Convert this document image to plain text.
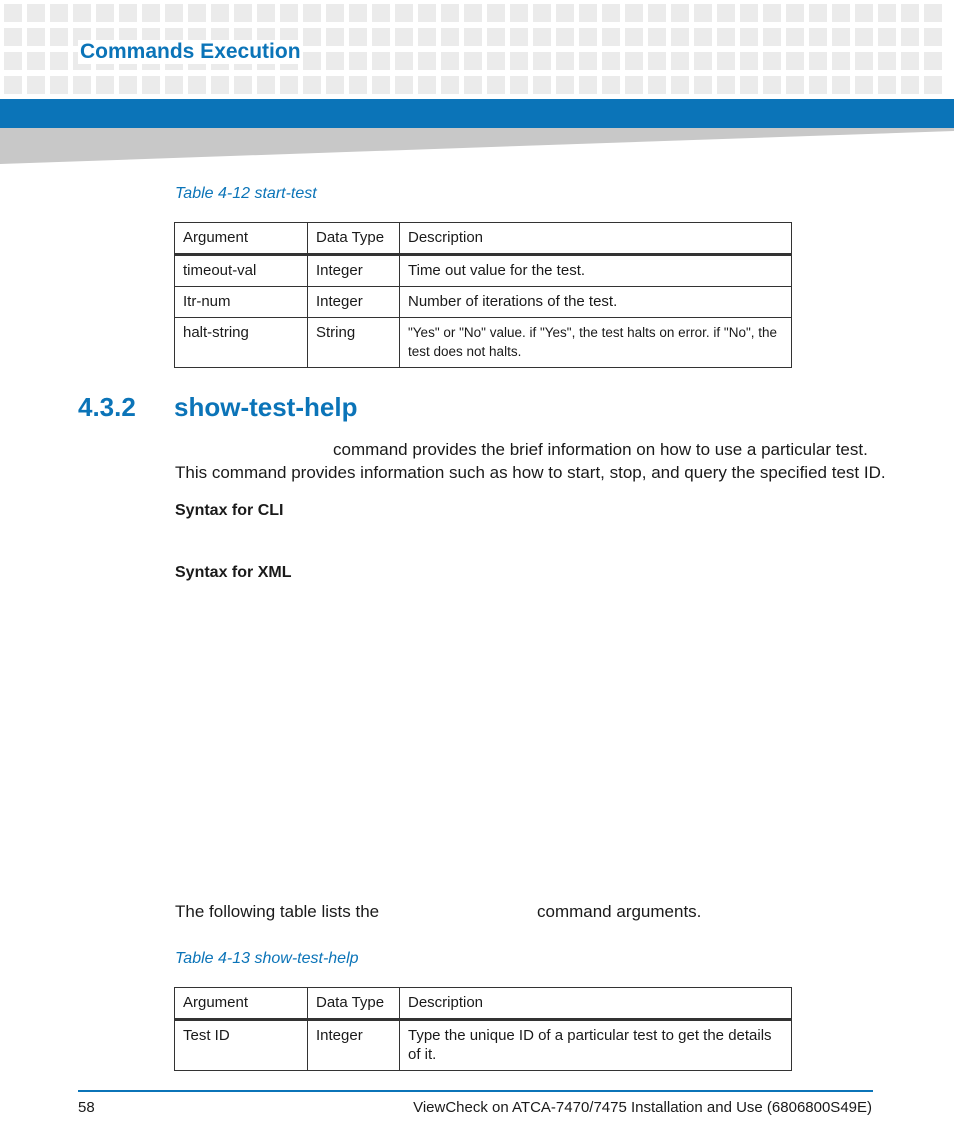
Commands Execution
Table 4-12 start-test
Argument	Data Type	Description
timeout-val	Integer	Time out value for the test.
Itr-num	Integer	Number of iterations of the test.
halt-string	String	"Yes" or "No" value. if "Yes", the test halts on error. if "No", the test does not halts.
4.3.2 show-test-help
command provides the brief information on how to use a particular test.
This command provides information such as how to start, stop, and query the specified test ID.
Syntax for CLI
Syntax for XML
The following table lists the	command arguments.
Table 4-13 show-test-help
Argument	Data Type	Description
Test ID	Integer	Type the unique ID of a particular test to get the details of it.
58	ViewCheck on ATCA-7470/7475 Installation and Use (6806800S49E)
